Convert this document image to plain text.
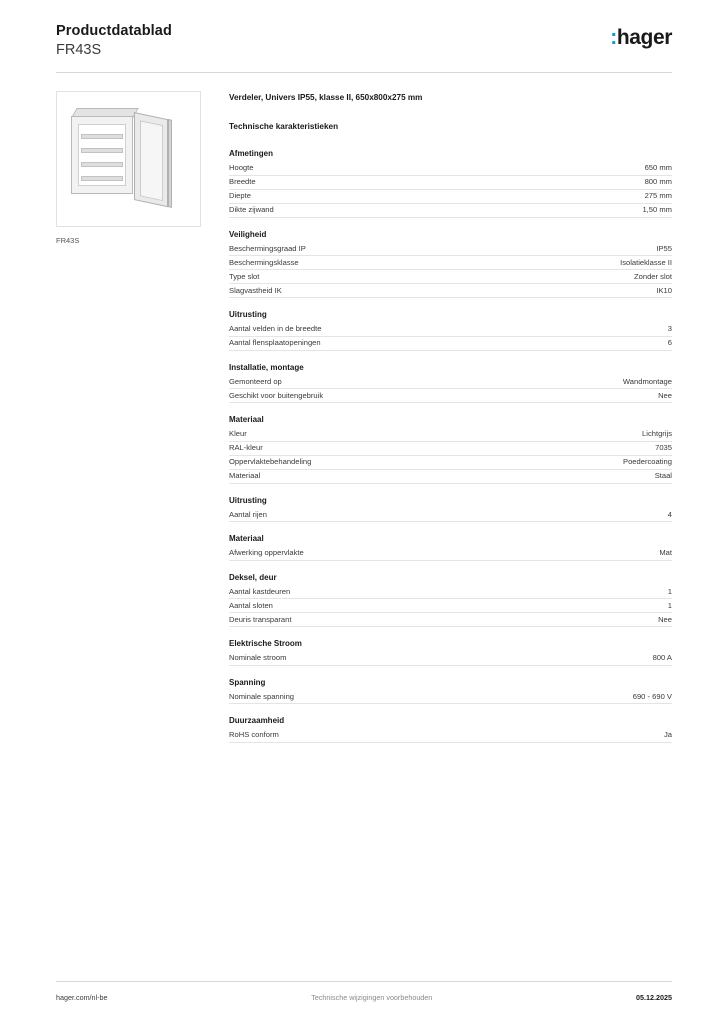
Productdatablad
FR43S
:hager
FR43S
Verdeler, Univers IP55, klasse II, 650x800x275 mm
Technische karakteristieken
Afmetingen
Hoogte	650 mm
Breedte	800 mm
Diepte	275 mm
Dikte zijwand	1,50 mm
Veiligheid
Beschermingsgraad IP	IP55
Beschermingsklasse	Isolatieklasse II
Type slot	Zonder slot
Slagvastheid IK	IK10
Uitrusting
Aantal velden in de breedte	3
Aantal flensplaatopeningen	6
Installatie, montage
Gemonteerd op	Wandmontage
Geschikt voor buitengebruik	Nee
Materiaal
Kleur	Lichtgrijs
RAL-kleur	7035
Oppervlaktebehandeling	Poedercoating
Materiaal	Staal
Uitrusting
Aantal rijen	4
Materiaal
Afwerking oppervlakte	Mat
Deksel, deur
Aantal kastdeuren	1
Aantal sloten	1
Deuris transparant	Nee
Elektrische Stroom
Nominale stroom	800 A
Spanning
Nominale spanning	690 - 690 V
Duurzaamheid
RoHS conform	Ja
hager.com/nl-be	Technische wijzigingen voorbehouden	05.12.2025
